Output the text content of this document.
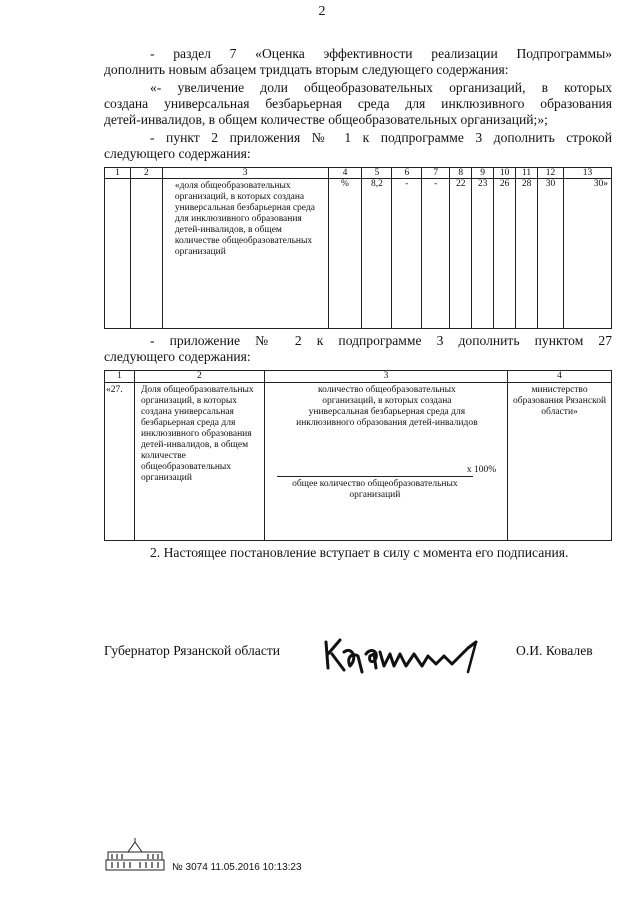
2
- раздел 7 «Оценка эффективности реализации Подпрограммы»
дополнить новым абзацем тридцать вторым следующего содержания:
«- увеличение доли общеобразовательных организаций, в которых
создана универсальная безбарьерная среда для инклюзивного образования
детей-инвалидов, в общем количестве общеобразовательных организаций;»;
- пункт 2 приложения № 1 к подпрограмме 3 дополнить строкой
следующего содержания:
1	2	3	4	5	6	7	8	9	10	11	12	13
		«доля общеобразовательных организаций, в которых создана универсальная безбарьерная среда для инклюзивного образования детей-инвалидов, в общем количестве общеобразовательных организаций	%	8,2	-	-	22	23	26	28	30	30»
- приложение № 2 к подпрограмме 3 дополнить пунктом 27
следующего содержания:
1	2	3	4
«27.	Доля общеобразовательных организаций, в которых создана универсальная безбарьерная среда для инклюзивного образования детей-инвалидов, в общем количестве общеобразовательных организаций	количество общеобразовательных организаций, в которых создана универсальная безбарьерная среда для инклюзивного образования детей-инвалидов
х 100%
общее количество общеобразовательных организаций	министерство образования Рязанской области»
2. Настоящее постановление вступает в силу с момента его подписания.
Губернатор Рязанской области	О.И. Ковалев
№ 3074 11.05.2016 10:13:23
